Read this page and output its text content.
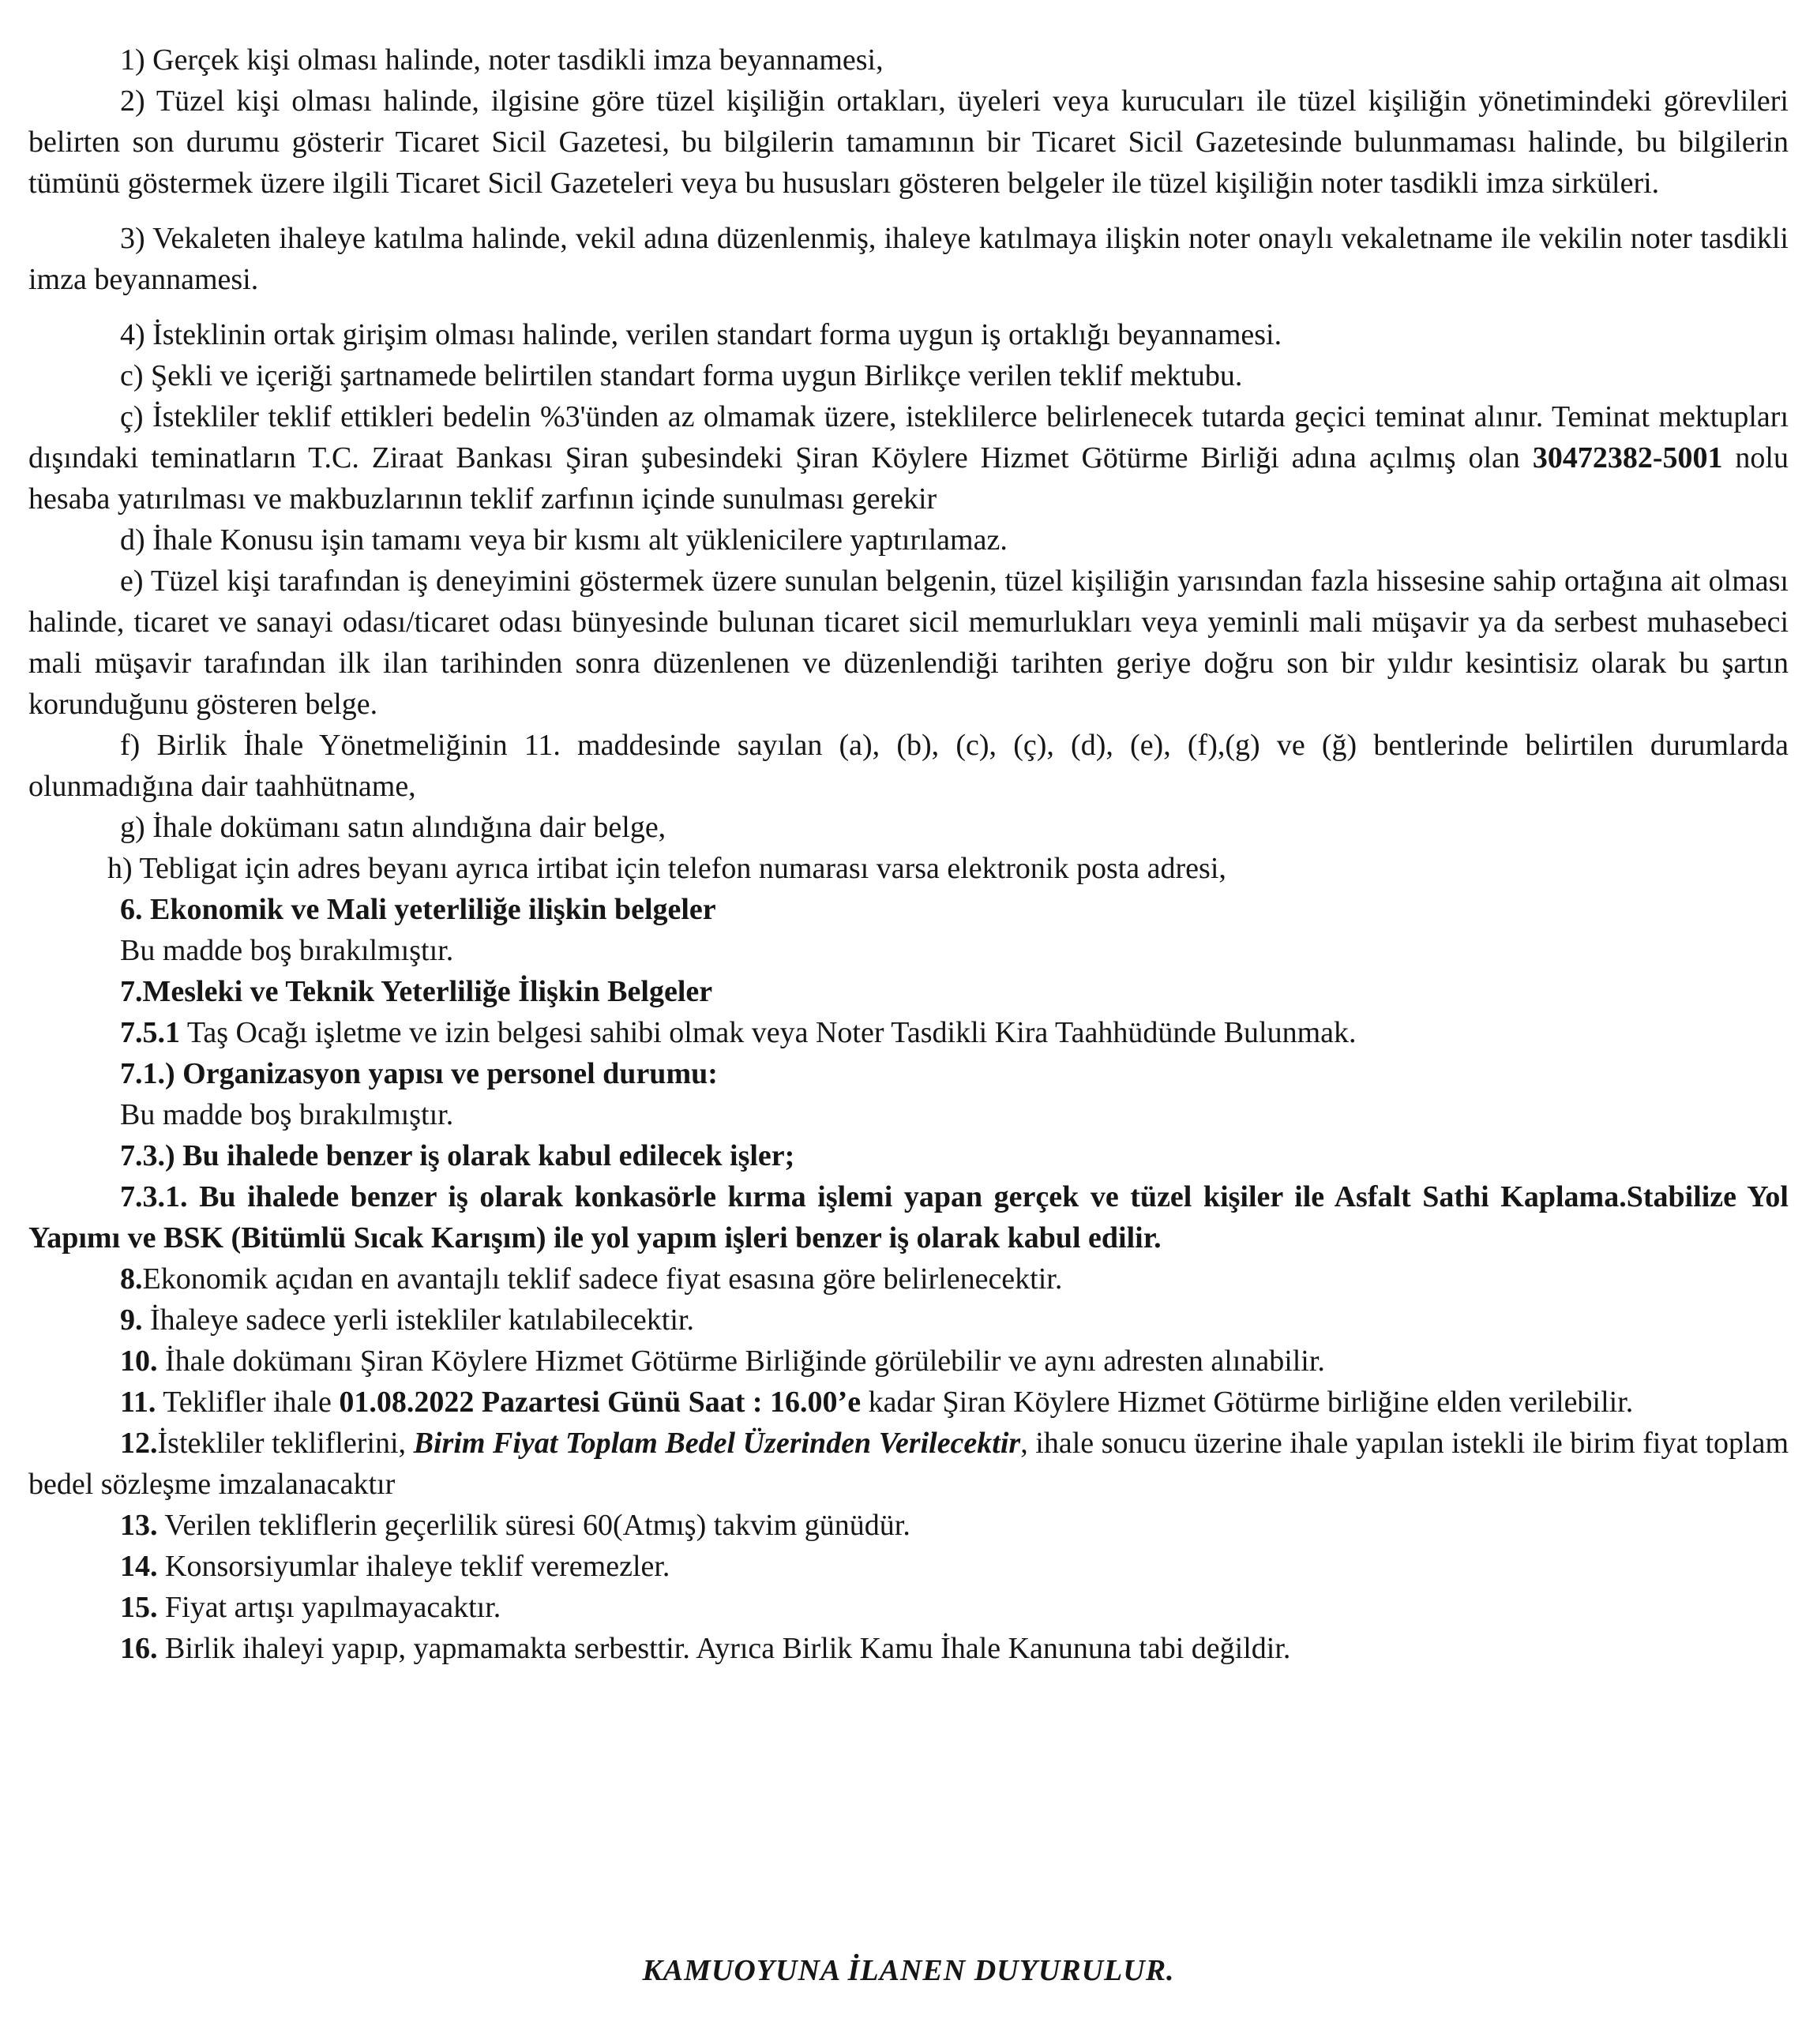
1) Gerçek kişi olması halinde, noter tasdikli imza beyannamesi,

2) Tüzel kişi olması halinde, ilgisine göre tüzel kişiliğin ortakları, üyeleri veya kurucuları ile tüzel kişiliğin yönetimindeki görevlileri belirten son durumu gösterir Ticaret Sicil Gazetesi, bu bilgilerin tamamının bir Ticaret Sicil Gazetesinde bulunmaması halinde, bu bilgilerin tümünü göstermek üzere ilgili Ticaret Sicil Gazeteleri veya bu hususları gösteren belgeler ile tüzel kişiliğin noter tasdikli imza sirküleri.

3) Vekaleten ihaleye katılma halinde, vekil adına düzenlenmiş, ihaleye katılmaya ilişkin noter onaylı vekaletname ile vekilin noter tasdikli imza beyannamesi.

4) İsteklinin ortak girişim olması halinde, verilen standart forma uygun iş ortaklığı beyannamesi.

c) Şekli ve içeriği şartnamede belirtilen standart forma uygun Birlikçe verilen teklif mektubu.

ç) İstekliler teklif ettikleri bedelin %3'ünden az olmamak üzere, isteklilerce belirlenecek tutarda geçici teminat alınır. Teminat mektupları dışındaki teminatların T.C. Ziraat Bankası Şiran şubesindeki Şiran Köylere Hizmet Götürme Birliği adına açılmış olan 30472382-5001 nolu hesaba yatırılması ve makbuzlarının teklif zarfının içinde sunulması gerekir

d) İhale Konusu işin tamamı veya bir kısmı alt yüklenicilere yaptırılamaz.

e) Tüzel kişi tarafından iş deneyimini göstermek üzere sunulan belgenin, tüzel kişiliğin yarısından fazla hissesine sahip ortağına ait olması halinde, ticaret ve sanayi odası/ticaret odası bünyesinde bulunan ticaret sicil memurlukları veya yeminli mali müşavir ya da serbest muhasebeci mali müşavir tarafından ilk ilan tarihinden sonra düzenlenen ve düzenlendiği tarihten geriye doğru son bir yıldır kesintisiz olarak bu şartın korunduğunu gösteren belge.

f) Birlik İhale Yönetmeliğinin 11. maddesinde sayılan (a), (b), (c), (ç), (d), (e), (f),(g) ve (ğ) bentlerinde belirtilen durumlarda olunmadığına dair taahhütname,

g) İhale dokümanı satın alındığına dair belge,

h) Tebligat için adres beyanı ayrıca irtibat için telefon numarası varsa elektronik posta adresi,

6. Ekonomik ve Mali yeterliliğe ilişkin belgeler

Bu madde boş bırakılmıştır.

7.Mesleki ve Teknik Yeterliliğe İlişkin Belgeler

7.5.1 Taş Ocağı işletme ve izin belgesi sahibi olmak veya Noter Tasdikli Kira Taahhüdünde Bulunmak.

7.1.) Organizasyon yapısı ve personel durumu:

Bu madde boş bırakılmıştır.

7.3.) Bu ihalede benzer iş olarak kabul edilecek işler;

7.3.1. Bu ihalede benzer iş olarak konkasörle kırma işlemi yapan gerçek ve tüzel kişiler ile Asfalt Sathi Kaplama.Stabilize Yol Yapımı ve BSK (Bitümlü Sıcak Karışım) ile yol yapım işleri benzer iş olarak kabul edilir.

8.Ekonomik açıdan en avantajlı teklif sadece fiyat esasına göre belirlenecektir.

9. İhaleye sadece yerli istekliler katılabilecektir.

10. İhale dokümanı Şiran Köylere Hizmet Götürme Birliğinde görülebilir ve aynı adresten alınabilir.

11. Teklifler ihale 01.08.2022 Pazartesi Günü Saat : 16.00’e kadar Şiran Köylere Hizmet Götürme birliğine elden verilebilir.

12.İstekliler tekliflerini, Birim Fiyat Toplam Bedel Üzerinden Verilecektir, ihale sonucu üzerine ihale yapılan istekli ile birim fiyat toplam bedel sözleşme imzalanacaktır

13. Verilen tekliflerin geçerlilik süresi 60(Atmış) takvim günüdür.

14. Konsorsiyumlar ihaleye teklif veremezler.

15. Fiyat artışı yapılmayacaktır.

16. Birlik ihaleyi yapıp, yapmamakta serbesttir. Ayrıca Birlik Kamu İhale Kanununa tabi değildir.

KAMUOYUNA İLANEN DUYURULUR.
